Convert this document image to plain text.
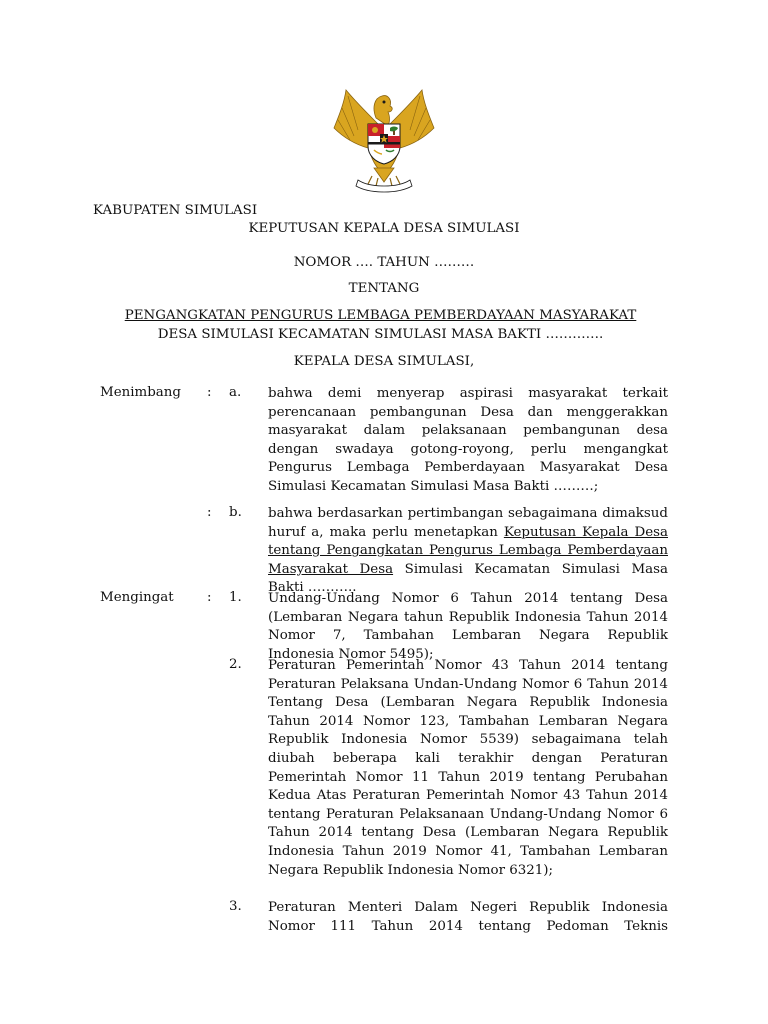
KABUPATEN SIMULASI
KEPUTUSAN KEPALA DESA SIMULASI
NOMOR …. TAHUN ………
TENTANG
PENGANGKATAN PENGURUS LEMBAGA PEMBERDAYAAN MASYARAKAT
DESA SIMULASI KECAMATAN SIMULASI MASA BAKTI ………….
KEPALA DESA SIMULASI,
Menimbang : a. bahwa demi menyerap aspirasi masyarakat terkait perencanaan pembangunan Desa dan menggerakkan masyarakat dalam pelaksanaan pembangunan desa dengan swadaya gotong-royong, perlu mengangkat Pengurus Lembaga Pemberdayaan Masyarakat Desa Simulasi Kecamatan Simulasi Masa Bakti ………;
: b. bahwa berdasarkan pertimbangan sebagaimana dimaksud huruf a, maka perlu menetapkan Keputusan Kepala Desa tentang Pengangkatan Pengurus Lembaga Pemberdayaan Masyarakat Desa Simulasi Kecamatan Simulasi Masa Bakti ………..
Mengingat : 1. Undang-Undang Nomor 6 Tahun 2014 tentang Desa (Lembaran Negara tahun Republik Indonesia Tahun 2014 Nomor 7, Tambahan Lembaran Negara Republik Indonesia Nomor 5495);
2. Peraturan Pemerintah Nomor 43 Tahun 2014 tentang Peraturan Pelaksana Undan-Undang Nomor 6 Tahun 2014 Tentang Desa (Lembaran Negara Republik Indonesia Tahun 2014 Nomor 123, Tambahan Lembaran Negara Republik Indonesia Nomor 5539) sebagaimana telah diubah beberapa kali terakhir dengan Peraturan Pemerintah Nomor 11 Tahun 2019 tentang Perubahan Kedua Atas Peraturan Pemerintah Nomor 43 Tahun 2014 tentang Peraturan Pelaksanaan Undang-Undang Nomor 6 Tahun 2014 tentang Desa (Lembaran Negara Republik Indonesia Tahun 2019 Nomor 41, Tambahan Lembaran Negara Republik Indonesia Nomor 6321);
3. Peraturan Menteri Dalam Negeri Republik Indonesia Nomor 111 Tahun 2014 tentang Pedoman Teknis
